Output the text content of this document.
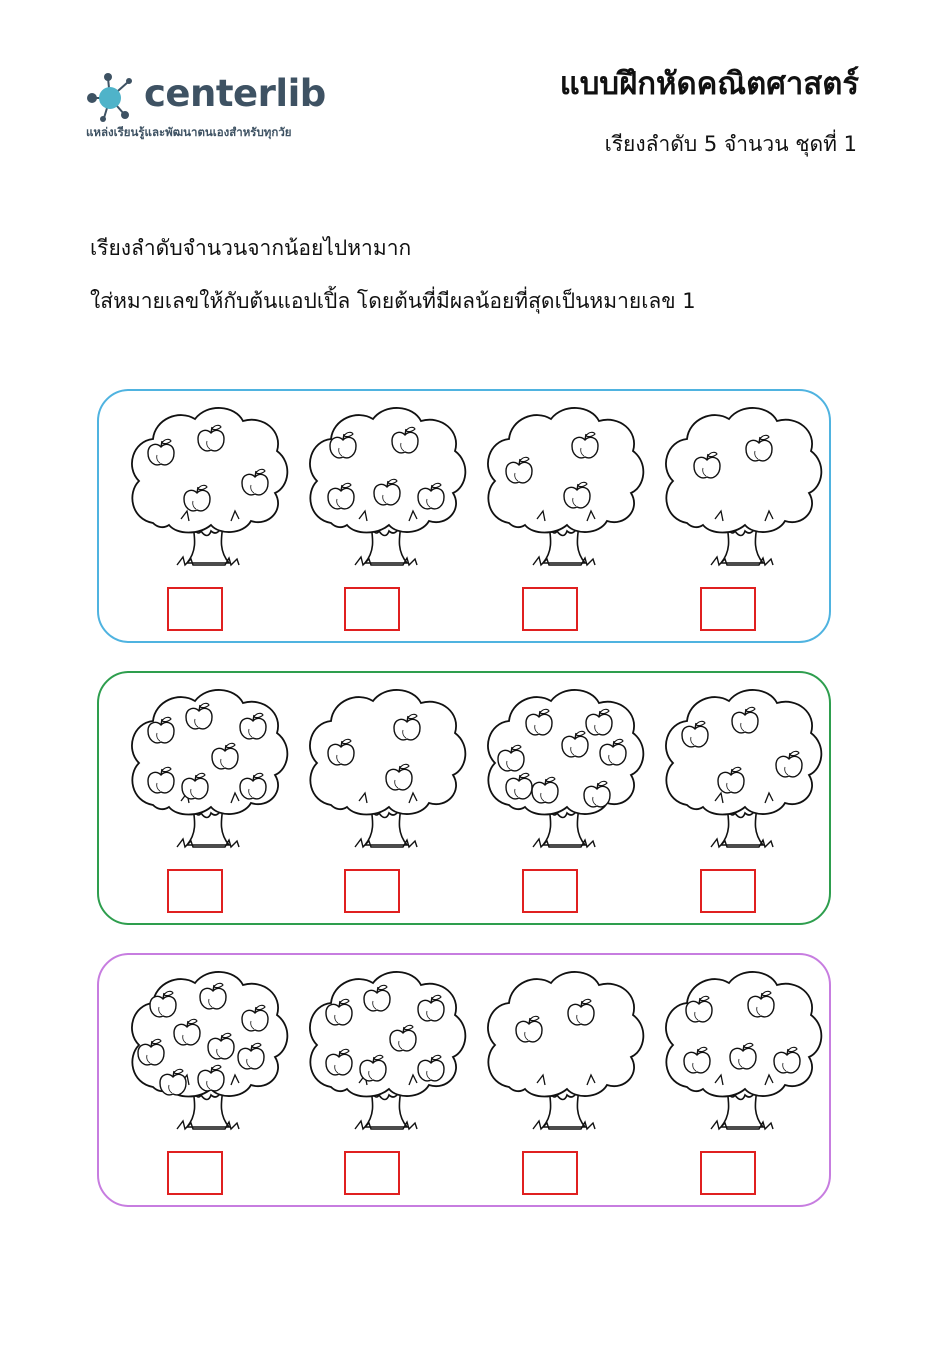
centerlib
แหล่งเรียนรู้และพัฒนาตนเองสำหรับทุกวัย
แบบฝึกหัดคณิตศาสตร์
เรียงลำดับ 5 จำนวน ชุดที่ 1
เรียงลำดับจำนวนจากน้อยไปหามาก
ใส่หมายเลขให้กับต้นแอปเปิ้ล โดยต้นที่มีผลน้อยที่สุดเป็นหมายเลข 1
